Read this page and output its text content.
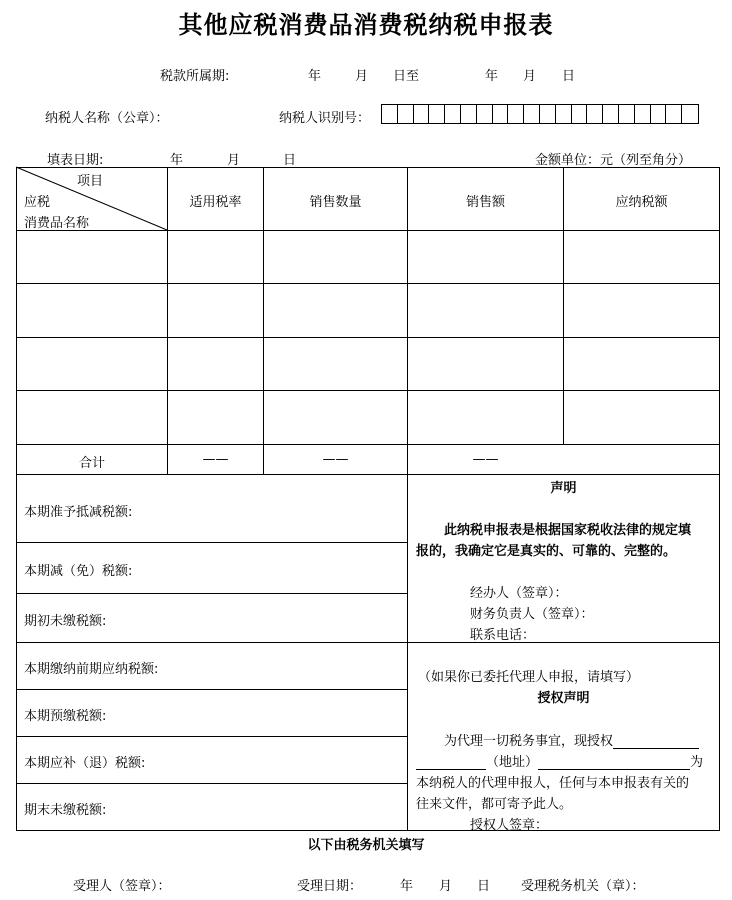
其他应税消费品消费税纳税申报表
税款所属期:	年	月 日至	年 月 日
纳税人名称（公章）：	纳税人识别号：
填表日期:	年	月	日	金额单位：元（列至角分）
项目
应税
消费品名称
适用税率	销售数量	销售额	应纳税额
合计	——	——	——
本期准予抵减税额:
本期减（免）税额:
期初未缴税额:
本期缴纳前期应纳税额:
本期预缴税额:
本期应补（退）税额:
期末未缴税额:
声明
此纳税申报表是根据国家税收法律的规定填
报的，我确定它是真实的、可靠的、完整的。
经办人（签章）：
财务负责人（签章）：
联系电话：
（如果你已委托代理人申报，请填写）
授权声明
为代理一切税务事宜，现授权
（地址）	为
本纳税人的代理申报人，任何与本申报表有关的
往来文件，都可寄予此人。
授权人签章：
以下由税务机关填写
受理人（签章）：	受理日期：	年 月 日 受理税务机关（章）：
